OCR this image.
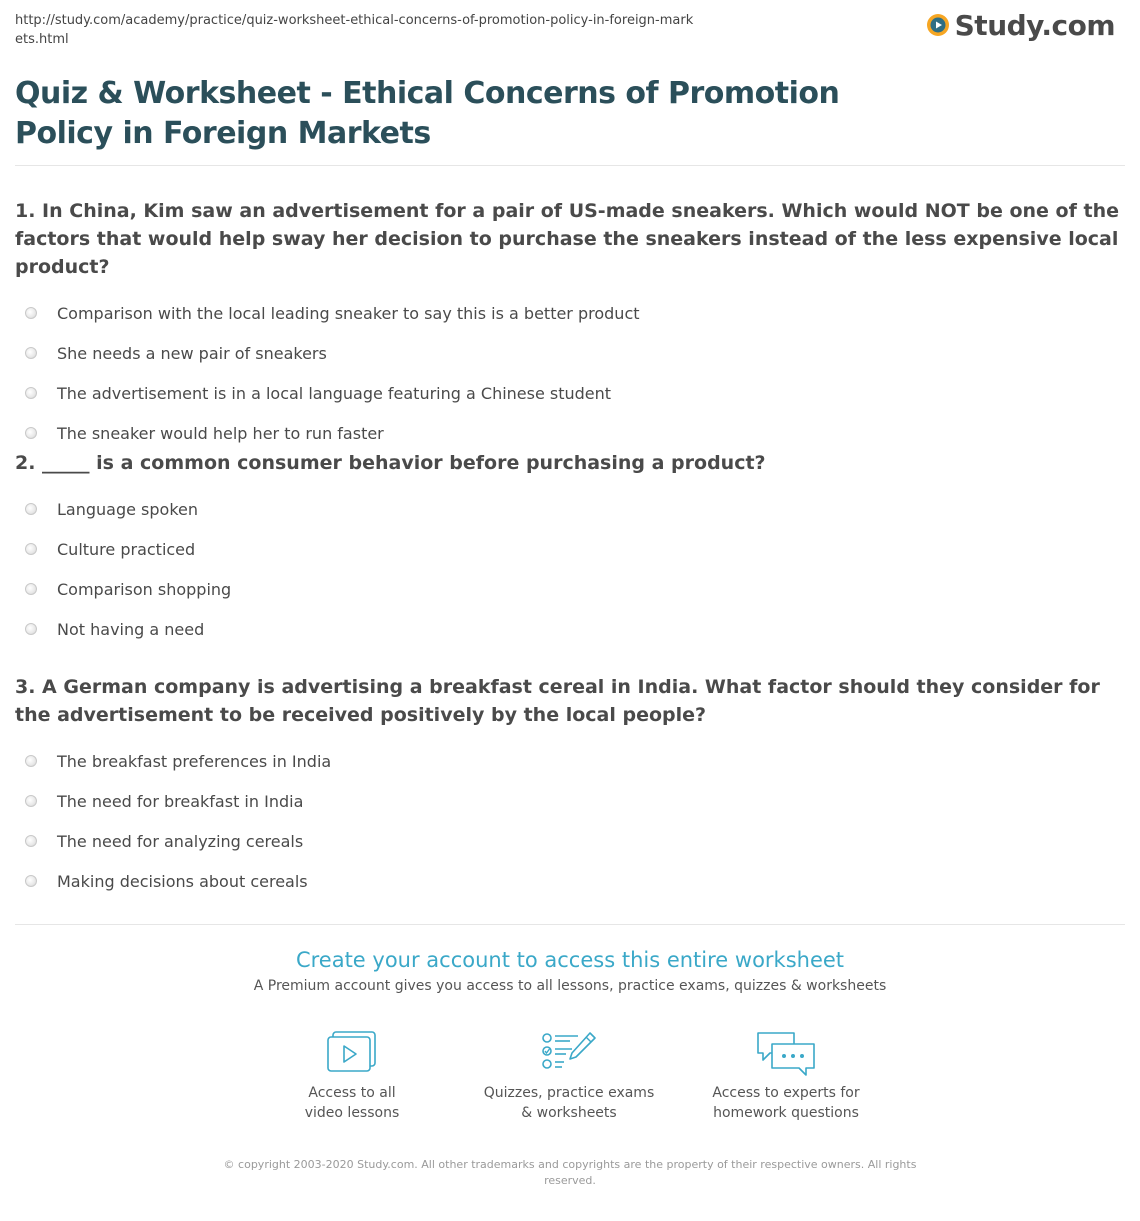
http://study.com/academy/practice/quiz-worksheet-ethical-concerns-of-promotion-policy-in-foreign-markets.html	Study.com
Quiz & Worksheet - Ethical Concerns of Promotion Policy in Foreign Markets

1. In China, Kim saw an advertisement for a pair of US-made sneakers. Which would NOT be one of the factors that would help sway her decision to purchase the sneakers instead of the less expensive local product?

Comparison with the local leading sneaker to say this is a better product
She needs a new pair of sneakers
The advertisement is in a local language featuring a Chinese student
The sneaker would help her to run faster

2. _____ is a common consumer behavior before purchasing a product?

Language spoken
Culture practiced
Comparison shopping
Not having a need

3. A German company is advertising a breakfast cereal in India. What factor should they consider for the advertisement to be received positively by the local people?

The breakfast preferences in India
The need for breakfast in India
The need for analyzing cereals
Making decisions about cereals
Create your account to access this entire worksheet
A Premium account gives you access to all lessons, practice exams, quizzes & worksheets
Access to all
video lessons
Quizzes, practice exams
& worksheets
Access to experts for
homework questions
© copyright 2003-2020 Study.com. All other trademarks and copyrights are the property of their respective owners. All rights reserved.
